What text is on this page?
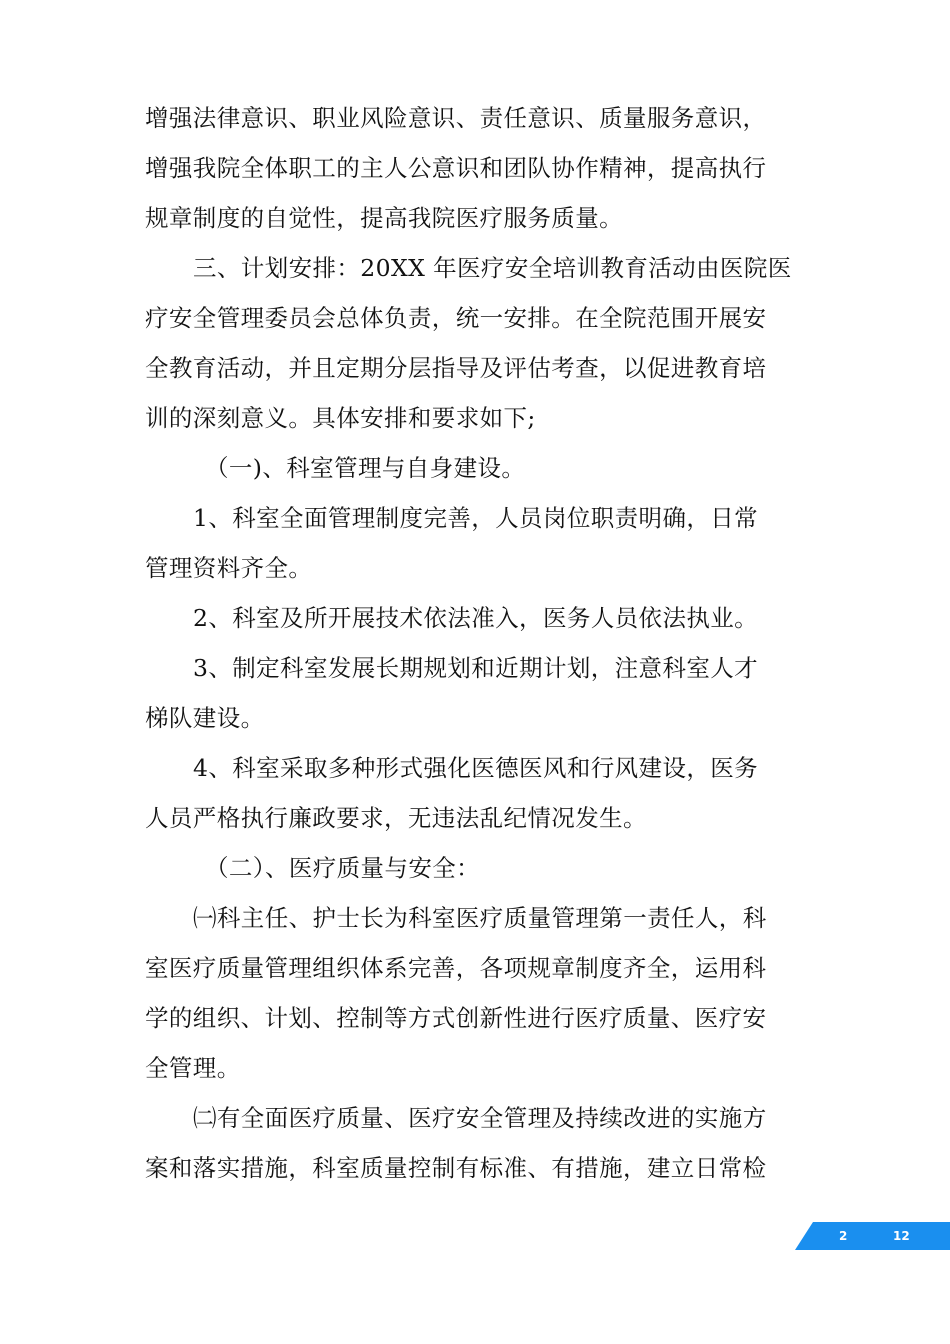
增强法律意识、职业风险意识、责任意识、质量服务意识，
增强我院全体职工的主人公意识和团队协作精神，提高执行
规章制度的自觉性，提高我院医疗服务质量。
三、计划安排：20XX 年医疗安全培训教育活动由医院医
疗安全管理委员会总体负责，统一安排。在全院范围开展安
全教育活动，并且定期分层指导及评估考查，以促进教育培
训的深刻意义。具体安排和要求如下;
（一)、科室管理与自身建设。
1、科室全面管理制度完善，人员岗位职责明确，日常
管理资料齐全。
2、科室及所开展技术依法准入，医务人员依法执业。
3、制定科室发展长期规划和近期计划，注意科室人才
梯队建设。
4、科室采取多种形式强化医德医风和行风建设，医务
人员严格执行廉政要求，无违法乱纪情况发生。
（二）、医疗质量与安全：
㈠科主任、护士长为科室医疗质量管理第一责任人，科
室医疗质量管理组织体系完善，各项规章制度齐全，运用科
学的组织、计划、控制等方式创新性进行医疗质量、医疗安
全管理。
㈡有全面医疗质量、医疗安全管理及持续改进的实施方
案和落实措施，科室质量控制有标准、有措施，建立日常检
2	12
